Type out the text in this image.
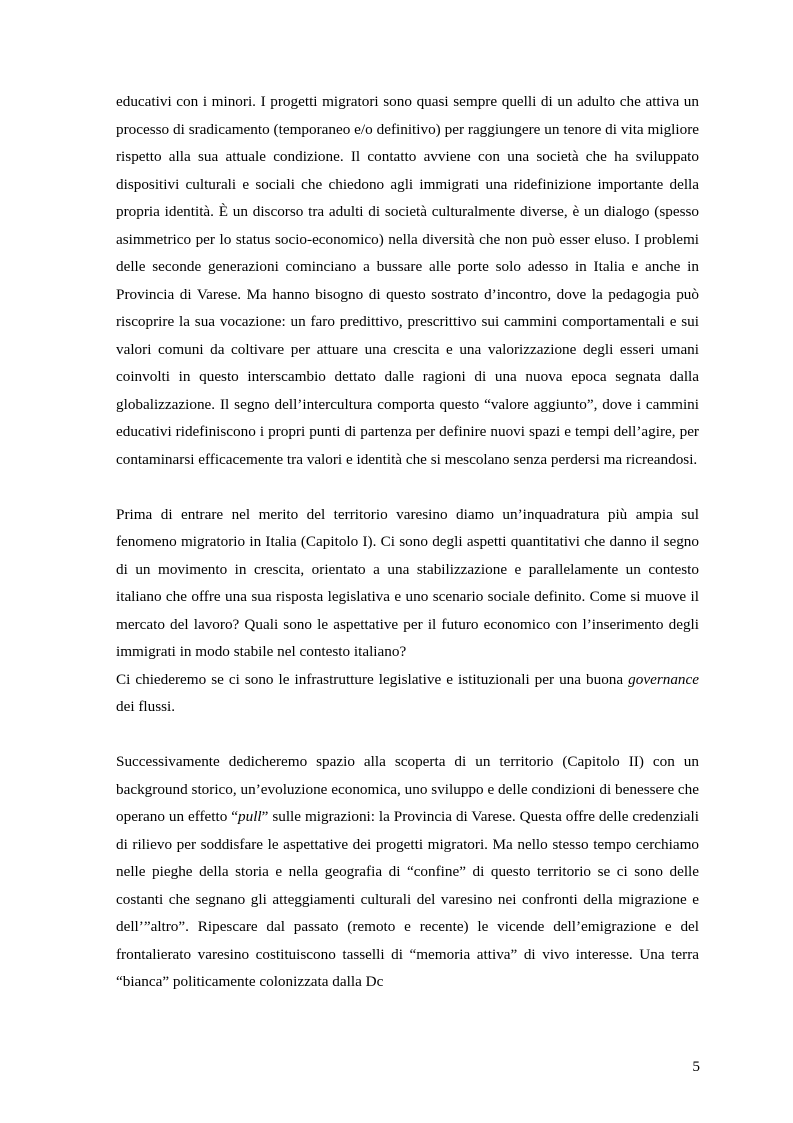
educativi con i minori. I progetti migratori sono quasi sempre quelli di un adulto che attiva un processo di sradicamento (temporaneo e/o definitivo) per raggiungere un tenore di vita migliore rispetto alla sua attuale condizione. Il contatto avviene con una società che ha sviluppato dispositivi culturali e sociali che chiedono agli immigrati una ridefinizione importante della propria identità. È un discorso tra adulti di società culturalmente diverse, è un dialogo (spesso asimmetrico per lo status socio-economico) nella diversità che non può esser eluso. I problemi delle seconde generazioni cominciano a bussare alle porte solo adesso in Italia e anche in Provincia di Varese. Ma hanno bisogno di questo sostrato d’incontro, dove la pedagogia può riscoprire la sua vocazione: un faro predittivo, prescrittivo sui cammini comportamentali e sui valori comuni da coltivare per attuare una crescita e una valorizzazione degli esseri umani coinvolti in questo interscambio dettato dalle ragioni di una nuova epoca segnata dalla globalizzazione. Il segno dell’intercultura comporta questo “valore aggiunto”, dove i cammini educativi ridefiniscono i propri punti di partenza per definire nuovi spazi e tempi dell’agire, per contaminarsi efficacemente tra valori e identità che si mescolano senza perdersi ma ricreandosi.

Prima di entrare nel merito del territorio varesino diamo un’inquadratura più ampia sul fenomeno migratorio in Italia (Capitolo I). Ci sono degli aspetti quantitativi che danno il segno di un movimento in crescita, orientato a una stabilizzazione e parallelamente un contesto italiano che offre una sua risposta legislativa e uno scenario sociale definito. Come si muove il mercato del lavoro? Quali sono le aspettative per il futuro economico con l’inserimento degli immigrati in modo stabile nel contesto italiano?

Ci chiederemo se ci sono le infrastrutture legislative e istituzionali per una buona governance dei flussi.

Successivamente dedicheremo spazio alla scoperta di un territorio (Capitolo II) con un background storico, un’evoluzione economica, uno sviluppo e delle condizioni di benessere che operano un effetto “pull” sulle migrazioni: la Provincia di Varese. Questa offre delle credenziali di rilievo per soddisfare le aspettative dei progetti migratori. Ma nello stesso tempo cerchiamo nelle pieghe della storia e nella geografia di “confine” di questo territorio se ci sono delle costanti che segnano gli atteggiamenti culturali del varesino nei confronti della migrazione e dell’”altro”. Ripescare dal passato (remoto e recente) le vicende dell’emigrazione e del frontalierato varesino costituiscono tasselli di “memoria attiva” di vivo interesse. Una terra “bianca” politicamente colonizzata dalla Dc

5
